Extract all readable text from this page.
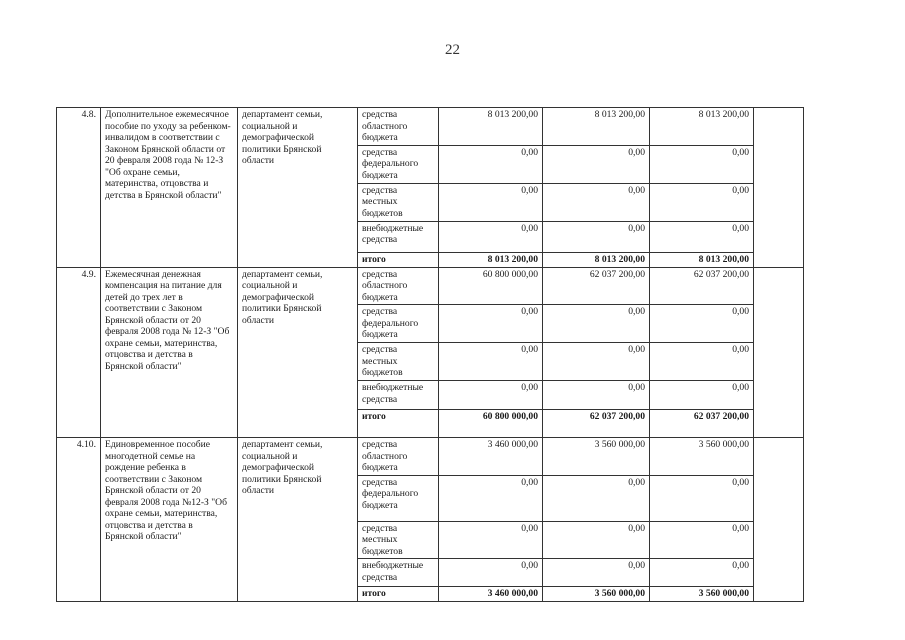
22
4.8.	Дополнительное ежемесячное пособие по уходу за ребенком-инвалидом в соответствии с Законом Брянской области от 20 февраля 2008 года № 12-З "Об охране семьи, материнства, отцовства и детства в Брянской области"	департамент семьи, социальной и демографической политики Брянской области	средства областного бюджета	8 013 200,00	8 013 200,00	8 013 200,00	
			средства федерального бюджета	0,00	0,00	0,00	
			средства местных бюджетов	0,00	0,00	0,00	
			внебюджетные средства	0,00	0,00	0,00	
			итого	8 013 200,00	8 013 200,00	8 013 200,00	
4.9.	Ежемесячная денежная компенсация на питание для детей до трех лет в соответствии с Законом Брянской области от 20 февраля 2008 года № 12-З "Об охране семьи, материнства, отцовства и детства в Брянской области"	департамент семьи, социальной и демографической политики Брянской области	средства областного бюджета	60 800 000,00	62 037 200,00	62 037 200,00	
			средства федерального бюджета	0,00	0,00	0,00	
			средства местных бюджетов	0,00	0,00	0,00	
			внебюджетные средства	0,00	0,00	0,00	
			итого	60 800 000,00	62 037 200,00	62 037 200,00	
4.10.	Единовременное пособие многодетной семье на рождение ребенка в соответствии с Законом Брянской области от 20 февраля 2008 года №12-З "Об охране семьи, материнства, отцовства и детства в Брянской области"	департамент семьи, социальной и демографической политики Брянской области	средства областного бюджета	3 460 000,00	3 560 000,00	3 560 000,00	
			средства федерального бюджета	0,00	0,00	0,00	
			средства местных бюджетов	0,00	0,00	0,00	
			внебюджетные средства	0,00	0,00	0,00	
			итого	3 460 000,00	3 560 000,00	3 560 000,00	
